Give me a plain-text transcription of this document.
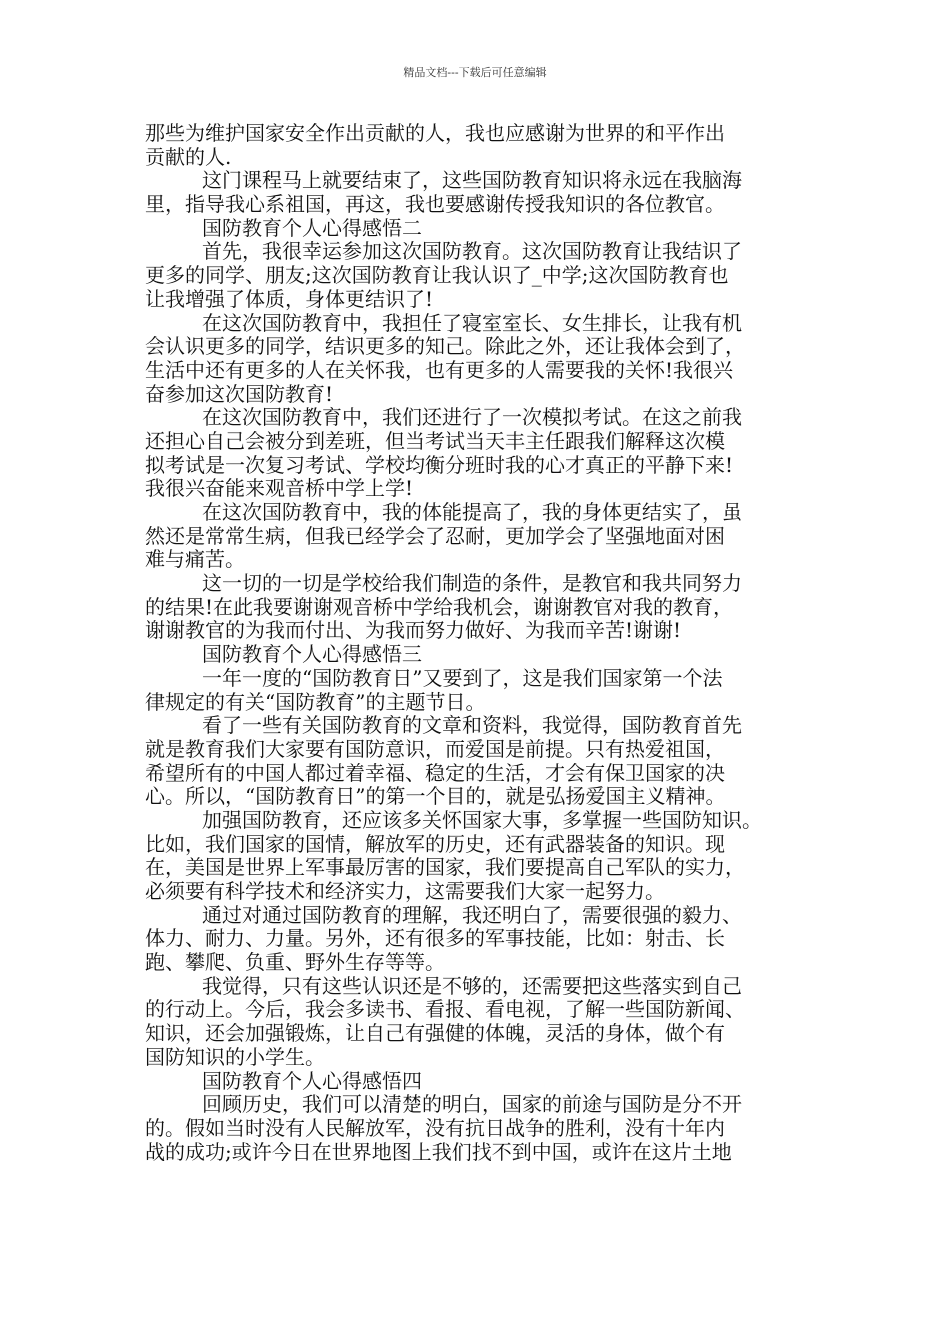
精品文档---下载后可任意编辑
那些为维护国家安全作出贡献的人，我也应感谢为世界的和平作出
贡献的人.
这门课程马上就要结束了，这些国防教育知识将永远在我脑海
里，指导我心系祖国，再这，我也要感谢传授我知识的各位教官。
国防教育个人心得感悟二
首先，我很幸运参加这次国防教育。这次国防教育让我结识了
更多的同学、朋友;这次国防教育让我认识了_中学;这次国防教育也
让我增强了体质，身体更结识了!
在这次国防教育中，我担任了寝室室长、女生排长，让我有机
会认识更多的同学，结识更多的知己。除此之外，还让我体会到了，
生活中还有更多的人在关怀我，也有更多的人需要我的关怀!我很兴
奋参加这次国防教育!
在这次国防教育中，我们还进行了一次模拟考试。在这之前我
还担心自己会被分到差班，但当考试当天丰主任跟我们解释这次模
拟考试是一次复习考试、学校均衡分班时我的心才真正的平静下来!
我很兴奋能来观音桥中学上学!
在这次国防教育中，我的体能提高了，我的身体更结实了，虽
然还是常常生病，但我已经学会了忍耐，更加学会了坚强地面对困
难与痛苦。
这一切的一切是学校给我们制造的条件，是教官和我共同努力
的结果!在此我要谢谢观音桥中学给我机会，谢谢教官对我的教育，
谢谢教官的为我而付出、为我而努力做好、为我而辛苦!谢谢!
国防教育个人心得感悟三
一年一度的“国防教育日”又要到了，这是我们国家第一个法
律规定的有关“国防教育”的主题节日。
看了一些有关国防教育的文章和资料，我觉得，国防教育首先
就是教育我们大家要有国防意识，而爱国是前提。只有热爱祖国，
希望所有的中国人都过着幸福、稳定的生活，才会有保卫国家的决
心。所以，“国防教育日”的第一个目的，就是弘扬爱国主义精神。
加强国防教育，还应该多关怀国家大事，多掌握一些国防知识。
比如，我们国家的国情，解放军的历史，还有武器装备的知识。现
在，美国是世界上军事最厉害的国家，我们要提高自己军队的实力，
必须要有科学技术和经济实力，这需要我们大家一起努力。
通过对通过国防教育的理解，我还明白了，需要很强的毅力、
体力、耐力、力量。另外，还有很多的军事技能，比如：射击、长
跑、攀爬、负重、野外生存等等。
我觉得，只有这些认识还是不够的，还需要把这些落实到自己
的行动上。今后，我会多读书、看报、看电视，了解一些国防新闻、
知识，还会加强锻炼，让自己有强健的体魄，灵活的身体，做个有
国防知识的小学生。
国防教育个人心得感悟四
回顾历史，我们可以清楚的明白，国家的前途与国防是分不开
的。假如当时没有人民解放军，没有抗日战争的胜利，没有十年内
战的成功;或许今日在世界地图上我们找不到中国，或许在这片土地
